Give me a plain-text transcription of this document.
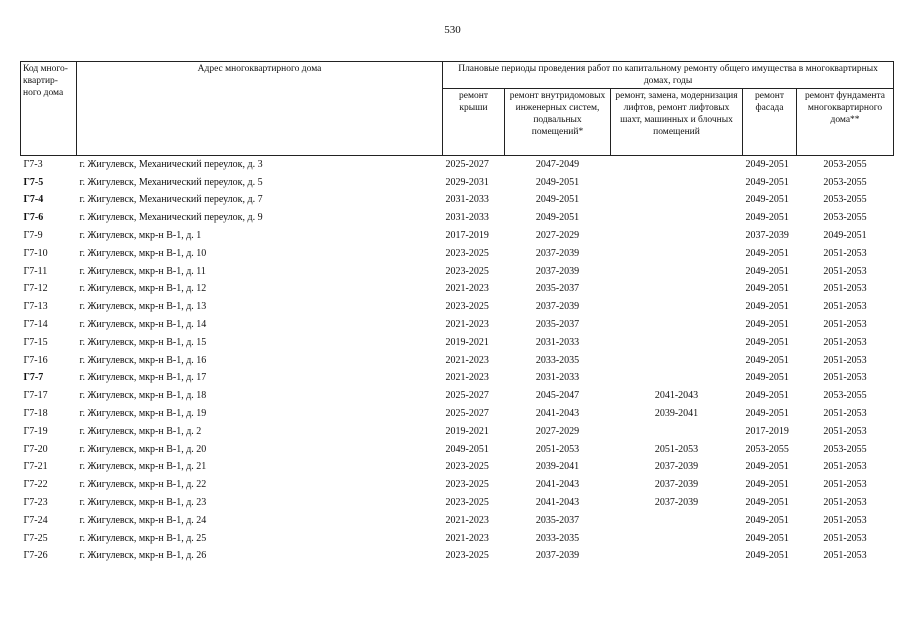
530
Код много-квартир-ного дома	Адрес многоквартирного дома	Плановые периоды проведения работ по капитальному ремонту общего имущества в многоквартирных домах, годы				
		ремонт крыши	ремонт внутридомовых инженерных систем, подвальных помещений*	ремонт, замена, модернизация лифтов, ремонт лифтовых шахт, машинных и блочных помещений	ремонт фасада	ремонт фундамента многоквартирного дома**
Г7-3	г. Жигулевск, Механический переулок, д. 3	2025-2027	2047-2049		2049-2051	2053-2055
Г7-5	г. Жигулевск, Механический переулок, д. 5	2029-2031	2049-2051		2049-2051	2053-2055
Г7-4	г. Жигулевск, Механический переулок, д. 7	2031-2033	2049-2051		2049-2051	2053-2055
Г7-6	г. Жигулевск, Механический переулок, д. 9	2031-2033	2049-2051		2049-2051	2053-2055
Г7-9	г. Жигулевск, мкр-н В-1, д. 1	2017-2019	2027-2029		2037-2039	2049-2051
Г7-10	г. Жигулевск, мкр-н В-1, д. 10	2023-2025	2037-2039		2049-2051	2051-2053
Г7-11	г. Жигулевск, мкр-н В-1, д. 11	2023-2025	2037-2039		2049-2051	2051-2053
Г7-12	г. Жигулевск, мкр-н В-1, д. 12	2021-2023	2035-2037		2049-2051	2051-2053
Г7-13	г. Жигулевск, мкр-н В-1, д. 13	2023-2025	2037-2039		2049-2051	2051-2053
Г7-14	г. Жигулевск, мкр-н В-1, д. 14	2021-2023	2035-2037		2049-2051	2051-2053
Г7-15	г. Жигулевск, мкр-н В-1, д. 15	2019-2021	2031-2033		2049-2051	2051-2053
Г7-16	г. Жигулевск, мкр-н В-1, д. 16	2021-2023	2033-2035		2049-2051	2051-2053
Г7-7	г. Жигулевск, мкр-н В-1, д. 17	2021-2023	2031-2033		2049-2051	2051-2053
Г7-17	г. Жигулевск, мкр-н В-1, д. 18	2025-2027	2045-2047	2041-2043	2049-2051	2053-2055
Г7-18	г. Жигулевск, мкр-н В-1, д. 19	2025-2027	2041-2043	2039-2041	2049-2051	2051-2053
Г7-19	г. Жигулевск, мкр-н В-1, д. 2	2019-2021	2027-2029		2017-2019	2051-2053
Г7-20	г. Жигулевск, мкр-н В-1, д. 20	2049-2051	2051-2053	2051-2053	2053-2055	2053-2055
Г7-21	г. Жигулевск, мкр-н В-1, д. 21	2023-2025	2039-2041	2037-2039	2049-2051	2051-2053
Г7-22	г. Жигулевск, мкр-н В-1, д. 22	2023-2025	2041-2043	2037-2039	2049-2051	2051-2053
Г7-23	г. Жигулевск, мкр-н В-1, д. 23	2023-2025	2041-2043	2037-2039	2049-2051	2051-2053
Г7-24	г. Жигулевск, мкр-н В-1, д. 24	2021-2023	2035-2037		2049-2051	2051-2053
Г7-25	г. Жигулевск, мкр-н В-1, д. 25	2021-2023	2033-2035		2049-2051	2051-2053
Г7-26	г. Жигулевск, мкр-н В-1, д. 26	2023-2025	2037-2039		2049-2051	2051-2053
